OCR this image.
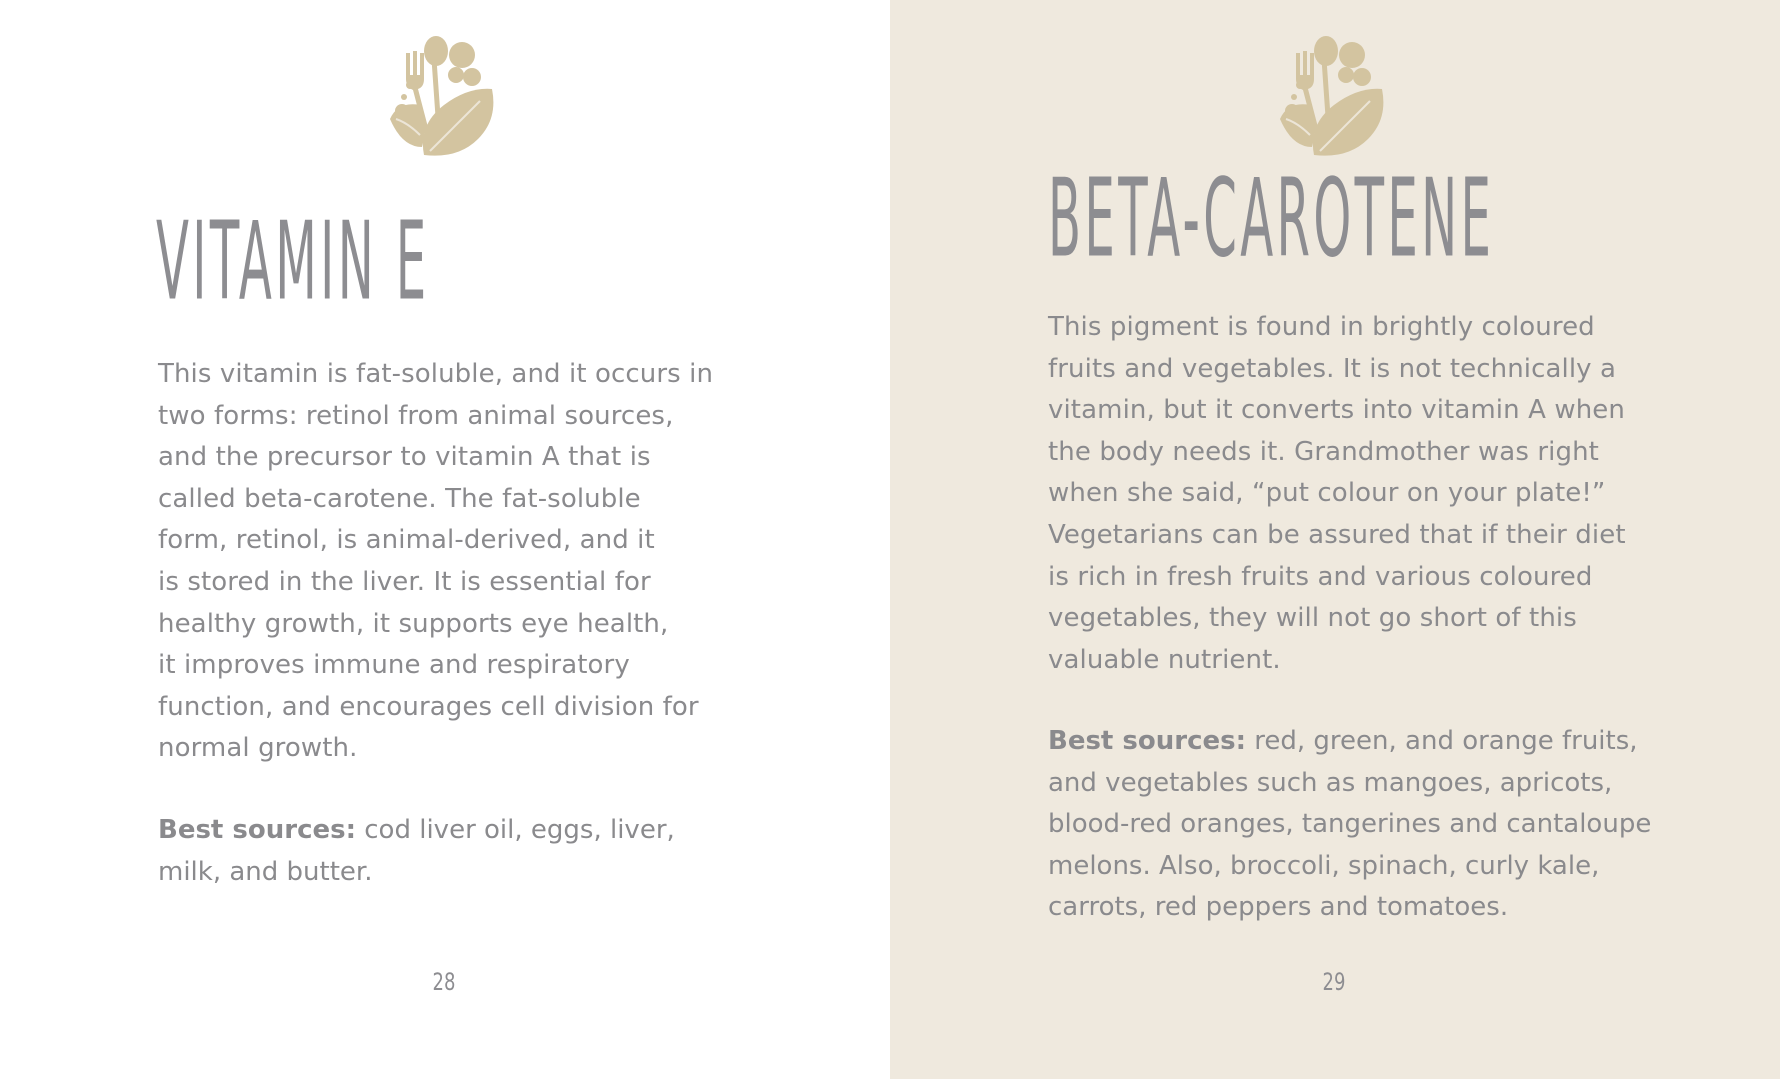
VITAMIN E

This vitamin is fat-soluble, and it occurs in
two forms: retinol from animal sources,
and the precursor to vitamin A that is
called beta-carotene. The fat-soluble
form, retinol, is animal-derived, and it
is stored in the liver. It is essential for
healthy growth, it supports eye health,
it improves immune and respiratory
function, and encourages cell division for
normal growth.

Best sources: cod liver oil, eggs, liver,
milk, and butter.

28
BETA-CAROTENE

This pigment is found in brightly coloured
fruits and vegetables. It is not technically a
vitamin, but it converts into vitamin A when
the body needs it. Grandmother was right
when she said, “put colour on your plate!”
Vegetarians can be assured that if their diet
is rich in fresh fruits and various coloured
vegetables, they will not go short of this
valuable nutrient.

Best sources: red, green, and orange fruits,
and vegetables such as mangoes, apricots,
blood-red oranges, tangerines and cantaloupe
melons. Also, broccoli, spinach, curly kale,
carrots, red peppers and tomatoes.

29
